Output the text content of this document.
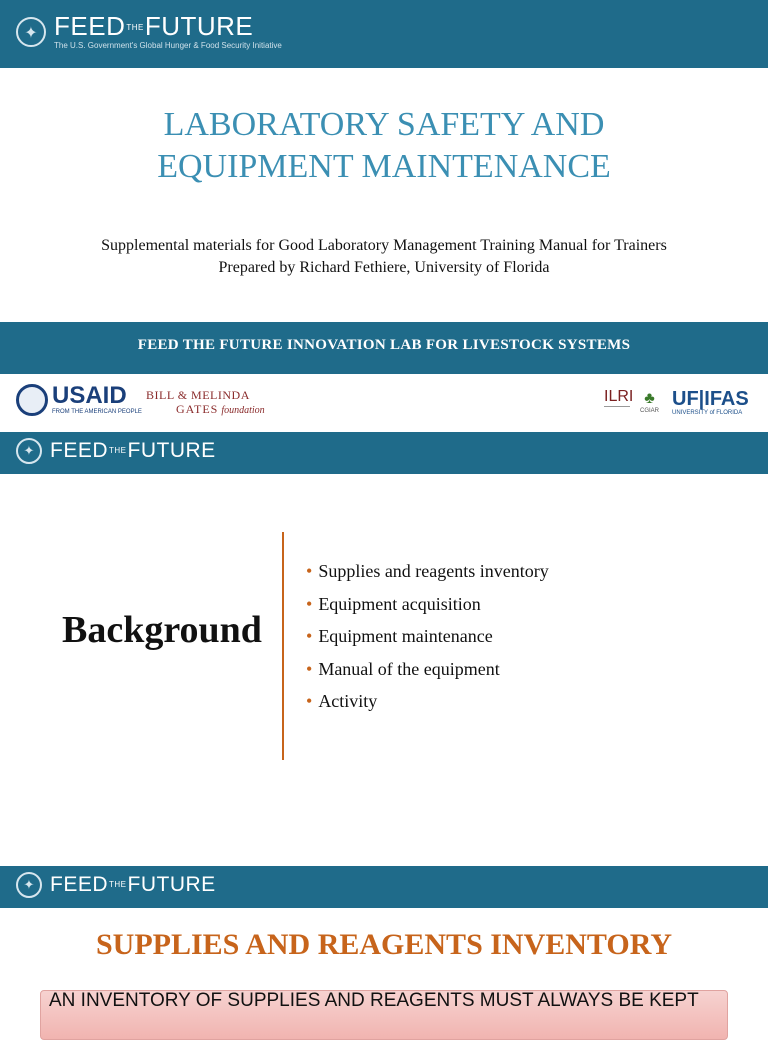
✦ FEEDTHEFUTURE
The U.S. Government's Global Hunger & Food Security Initiative
LABORATORY SAFETY AND
EQUIPMENT MAINTENANCE
Supplemental materials for Good Laboratory Management Training Manual for Trainers
Prepared by Richard Fethiere, University of Florida
FEED THE FUTURE INNOVATION LAB FOR LIVESTOCK SYSTEMS
USAID
FROM THE AMERICAN PEOPLE
BILL & MELINDA
GATES foundation
ILRI ♣
CGIAR
UF|IFAS
UNIVERSITY of FLORIDA
✦ FEEDTHEFUTURE
Background
• Supplies and reagents inventory
• Equipment acquisition
• Equipment maintenance
• Manual of the equipment
• Activity
✦ FEEDTHEFUTURE
SUPPLIES AND REAGENTS INVENTORY
AN INVENTORY OF SUPPLIES AND REAGENTS MUST ALWAYS BE KEPT
